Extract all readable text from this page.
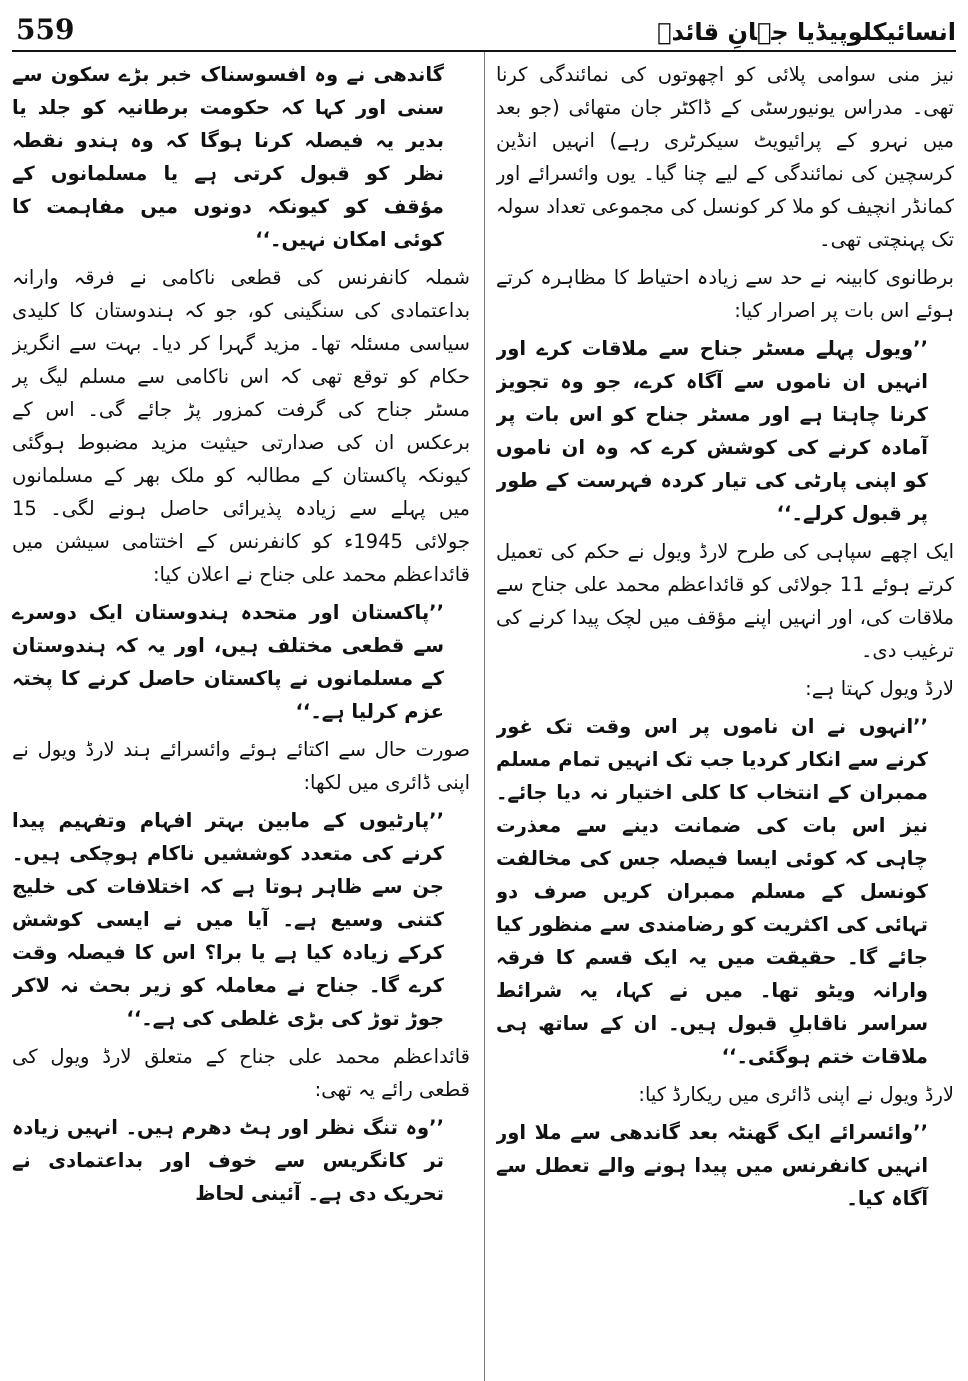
559	انسائیکلوپیڈیا جہانِ قائدؒ

نیز منی سوامی پلائی کو اچھوتوں کی نمائندگی کرنا تھی۔ مدراس یونیورسٹی کے ڈاکٹر جان متھائی (جو بعد میں نہرو کے پرائیویٹ سیکرٹری رہے) انہیں انڈین کرسچین کی نمائندگی کے لیے چنا گیا۔ یوں وائسرائے اور کمانڈر انچیف کو ملا کر کونسل کی مجموعی تعداد سولہ تک پہنچتی تھی۔

برطانوی کابینہ نے حد سے زیادہ احتیاط کا مظاہرہ کرتے ہوئے اس بات پر اصرار کیا:

’’ویول پہلے مسٹر جناح سے ملاقات کرے اور انہیں ان ناموں سے آگاہ کرے، جو وہ تجویز کرنا چاہتا ہے اور مسٹر جناح کو اس بات پر آمادہ کرنے کی کوشش کرے کہ وہ ان ناموں کو اپنی پارٹی کی تیار کردہ فہرست کے طور پر قبول کرلے۔‘‘

ایک اچھے سپاہی کی طرح لارڈ ویول نے حکم کی تعمیل کرتے ہوئے 11 جولائی کو قائداعظم محمد علی جناح سے ملاقات کی، اور انہیں اپنے مؤقف میں لچک پیدا کرنے کی ترغیب دی۔

لارڈ ویول کہتا ہے:

’’انہوں نے ان ناموں پر اس وقت تک غور کرنے سے انکار کردیا جب تک انہیں تمام مسلم ممبران کے انتخاب کا کلی اختیار نہ دیا جائے۔ نیز اس بات کی ضمانت دینے سے معذرت چاہی کہ کوئی ایسا فیصلہ جس کی مخالفت کونسل کے مسلم ممبران کریں صرف دو تہائی کی اکثریت کو رضامندی سے منظور کیا جائے گا۔ حقیقت میں یہ ایک قسم کا فرقہ وارانہ ویٹو تھا۔ میں نے کہا، یہ شرائط سراسر ناقابلِ قبول ہیں۔ ان کے ساتھ ہی ملاقات ختم ہوگئی۔‘‘

لارڈ ویول نے اپنی ڈائری میں ریکارڈ کیا:

’’وائسرائے ایک گھنٹہ بعد گاندھی سے ملا اور انہیں کانفرنس میں پیدا ہونے والے تعطل سے آگاہ کیا۔

گاندھی نے وہ افسوسناک خبر بڑے سکون سے سنی اور کہا کہ حکومت برطانیہ کو جلد یا بدیر یہ فیصلہ کرنا ہوگا کہ وہ ہندو نقطہ نظر کو قبول کرتی ہے یا مسلمانوں کے مؤقف کو کیونکہ دونوں میں مفاہمت کا کوئی امکان نہیں۔‘‘

شملہ کانفرنس کی قطعی ناکامی نے فرقہ وارانہ بداعتمادی کی سنگینی کو، جو کہ ہندوستان کا کلیدی سیاسی مسئلہ تھا۔ مزید گہرا کر دیا۔ بہت سے انگریز حکام کو توقع تھی کہ اس ناکامی سے مسلم لیگ پر مسٹر جناح کی گرفت کمزور پڑ جائے گی۔ اس کے برعکس ان کی صدارتی حیثیت مزید مضبوط ہوگئی کیونکہ پاکستان کے مطالبہ کو ملک بھر کے مسلمانوں میں پہلے سے زیادہ پذیرائی حاصل ہونے لگی۔ 15 جولائی 1945ء کو کانفرنس کے اختتامی سیشن میں قائداعظم محمد علی جناح نے اعلان کیا:

’’پاکستان اور متحدہ ہندوستان ایک دوسرے سے قطعی مختلف ہیں، اور یہ کہ ہندوستان کے مسلمانوں نے پاکستان حاصل کرنے کا پختہ عزم کرلیا ہے۔‘‘

صورت حال سے اکتائے ہوئے وائسرائے ہند لارڈ ویول نے اپنی ڈائری میں لکھا:

’’پارٹیوں کے مابین بہتر افہام وتفہیم پیدا کرنے کی متعدد کوششیں ناکام ہوچکی ہیں۔ جن سے ظاہر ہوتا ہے کہ اختلافات کی خلیج کتنی وسیع ہے۔ آیا میں نے ایسی کوشش کرکے زیادہ کیا ہے یا برا؟ اس کا فیصلہ وقت کرے گا۔ جناح نے معاملہ کو زیر بحث نہ لاکر جوڑ توڑ کی بڑی غلطی کی ہے۔‘‘

قائداعظم محمد علی جناح کے متعلق لارڈ ویول کی قطعی رائے یہ تھی:

’’وہ تنگ نظر اور ہٹ دھرم ہیں۔ انہیں زیادہ تر کانگریس سے خوف اور بداعتمادی نے تحریک دی ہے۔ آئینی لحاظ
